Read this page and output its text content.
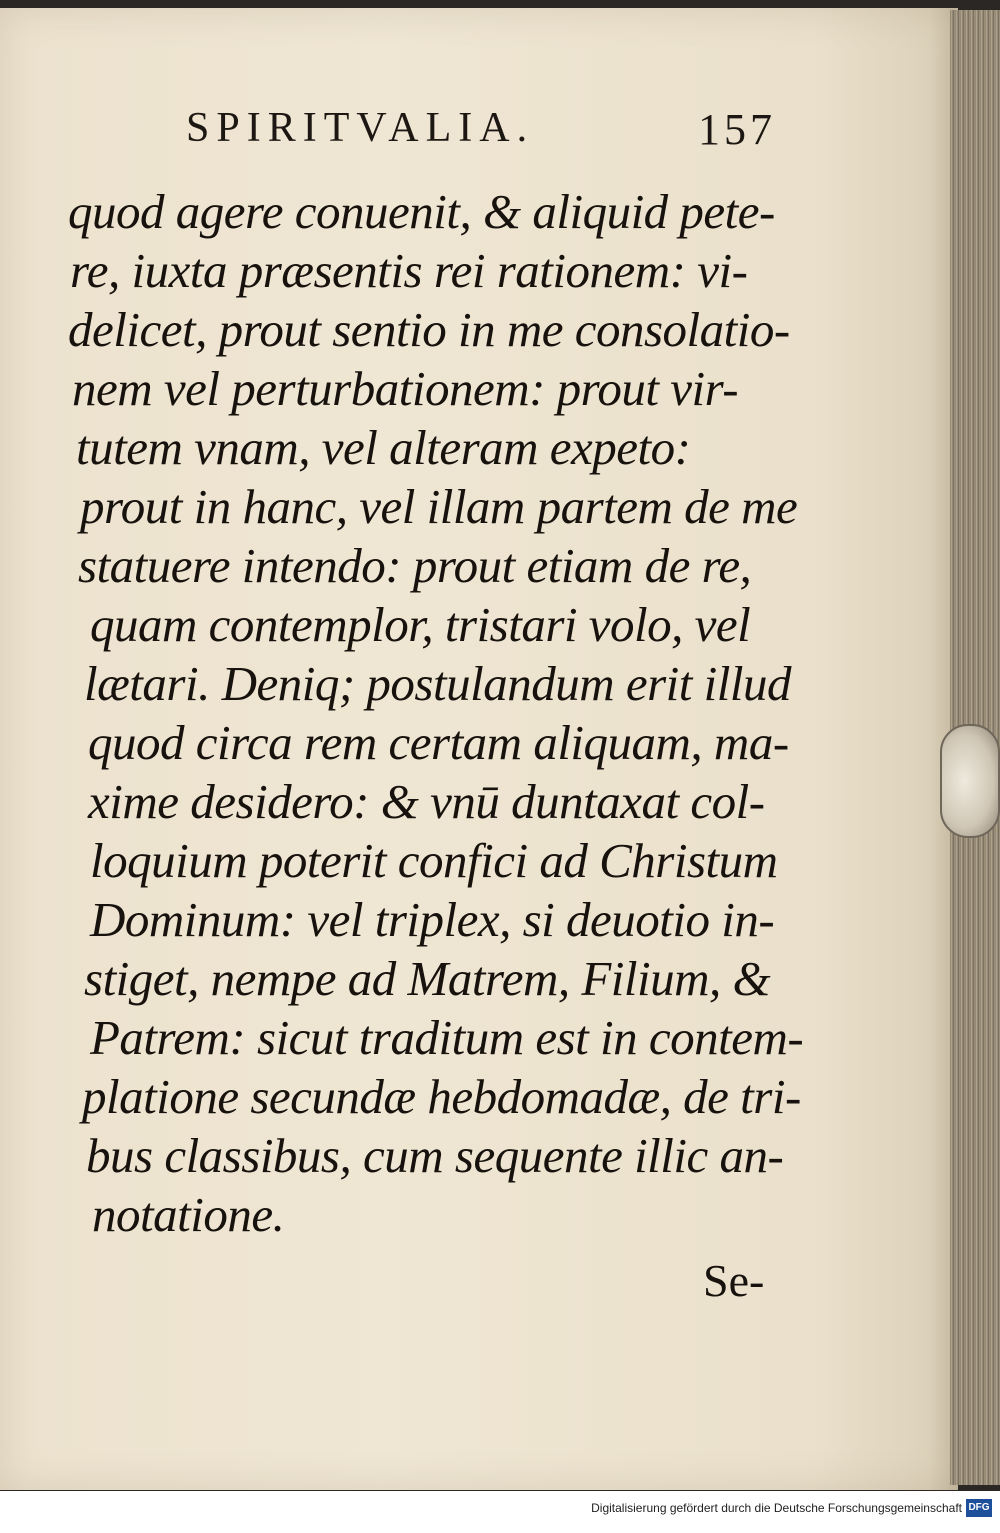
SPIRITVALIA.	157
quod agere conuenit, & aliquid pete-
re, iuxta præsentis rei rationem: vi-
delicet, prout sentio in me consolatio-
nem vel perturbationem: prout vir-
tutem vnam, vel alteram expeto:
prout in hanc, vel illam partem de me
statuere intendo: prout etiam de re,
quam contemplor, tristari volo, vel
lætari. Deniq; postulandum erit illud
quod circa rem certam aliquam, ma-
xime desidero: & vnū duntaxat col-
loquium poterit confici ad Christum
Dominum: vel triplex, si deuotio in-
stiget, nempe ad Matrem, Filium, &
Patrem: sicut traditum est in contem-
platione secundæ hebdomadæ, de tri-
bus classibus, cum sequente illic an-
notatione.
Se-
Digitalisierung gefördert durch die Deutsche Forschungsgemeinschaft DFG
